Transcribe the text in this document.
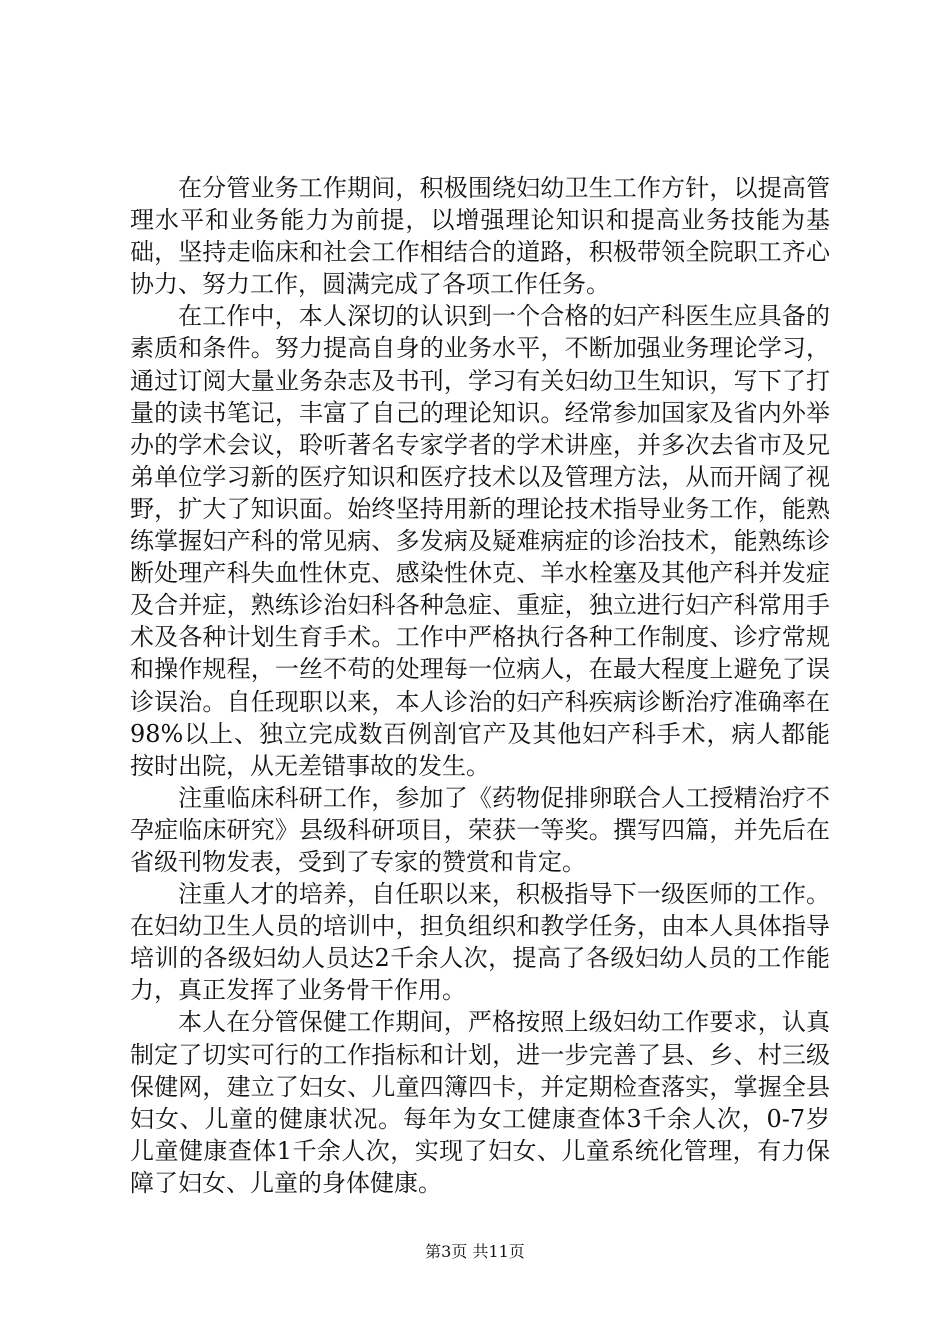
在分管业务工作期间，积极围绕妇幼卫生工作方针，以提高管理水平和业务能力为前提，以增强理论知识和提高业务技能为基础，坚持走临床和社会工作相结合的道路，积极带领全院职工齐心协力、努力工作，圆满完成了各项工作任务。

在工作中，本人深切的认识到一个合格的妇产科医生应具备的素质和条件。努力提高自身的业务水平，不断加强业务理论学习，通过订阅大量业务杂志及书刊，学习有关妇幼卫生知识，写下了打量的读书笔记，丰富了自己的理论知识。经常参加国家及省内外举办的学术会议，聆听著名专家学者的学术讲座，并多次去省市及兄弟单位学习新的医疗知识和医疗技术以及管理方法，从而开阔了视野，扩大了知识面。始终坚持用新的理论技术指导业务工作，能熟练掌握妇产科的常见病、多发病及疑难病症的诊治技术，能熟练诊断处理产科失血性休克、感染性休克、羊水栓塞及其他产科并发症及合并症，熟练诊治妇科各种急症、重症，独立进行妇产科常用手术及各种计划生育手术。工作中严格执行各种工作制度、诊疗常规和操作规程，一丝不苟的处理每一位病人，在最大程度上避免了误诊误治。自任现职以来，本人诊治的妇产科疾病诊断治疗准确率在98%以上、独立完成数百例剖官产及其他妇产科手术，病人都能按时出院，从无差错事故的发生。

注重临床科研工作，参加了《药物促排卵联合人工授精治疗不孕症临床研究》县级科研项目，荣获一等奖。撰写四篇，并先后在省级刊物发表，受到了专家的赞赏和肯定。

注重人才的培养，自任职以来，积极指导下一级医师的工作。在妇幼卫生人员的培训中，担负组织和教学任务，由本人具体指导培训的各级妇幼人员达2千余人次，提高了各级妇幼人员的工作能力，真正发挥了业务骨干作用。

本人在分管保健工作期间，严格按照上级妇幼工作要求，认真制定了切实可行的工作指标和计划，进一步完善了县、乡、村三级保健网，建立了妇女、儿童四簿四卡，并定期检查落实，掌握全县妇女、儿童的健康状况。每年为女工健康查体3千余人次，0-7岁儿童健康查体1千余人次，实现了妇女、儿童系统化管理，有力保障了妇女、儿童的身体健康。

第3页 共11页
